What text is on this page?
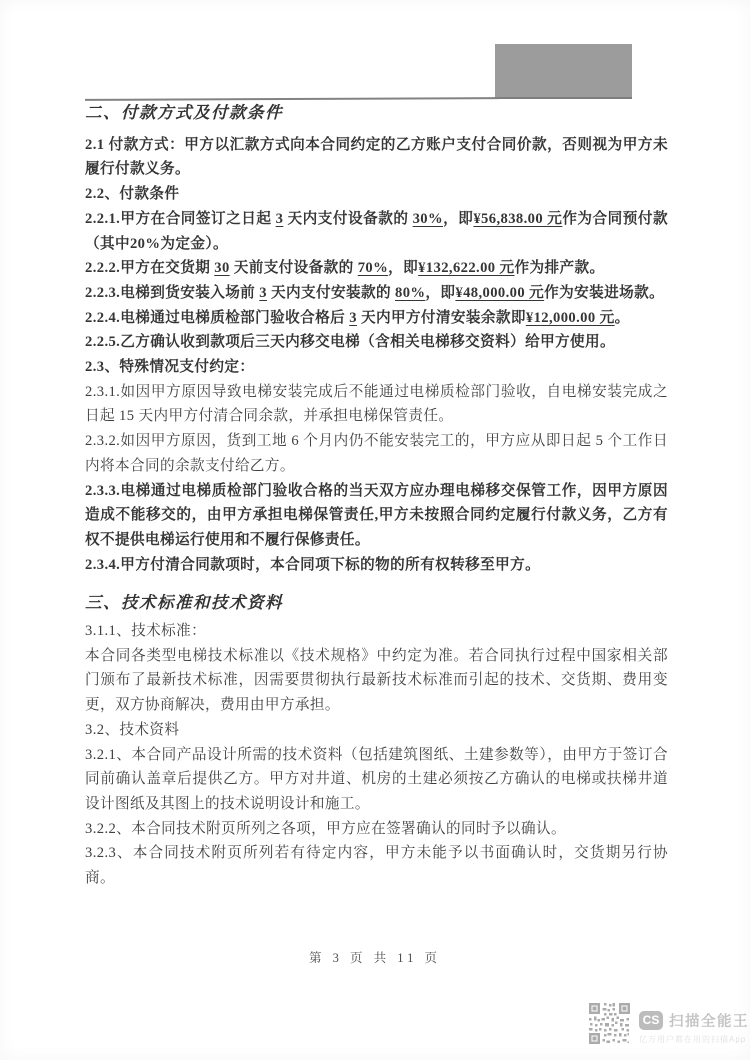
二、付款方式及付款条件
2.1 付款方式：甲方以汇款方式向本合同约定的乙方账户支付合同价款，否则视为甲方未履行付款义务。
2.2、付款条件
2.2.1.甲方在合同签订之日起 3 天内支付设备款的 30%，即¥56,838.00 元作为合同预付款（其中20%为定金）。
2.2.2.甲方在交货期 30 天前支付设备款的 70%，即¥132,622.00 元作为排产款。
2.2.3.电梯到货安装入场前 3 天内支付安装款的 80%，即¥48,000.00 元作为安装进场款。
2.2.4.电梯通过电梯质检部门验收合格后 3 天内甲方付清安装余款即¥12,000.00 元。
2.2.5.乙方确认收到款项后三天内移交电梯（含相关电梯移交资料）给甲方使用。
2.3、特殊情况支付约定：
2.3.1.如因甲方原因导致电梯安装完成后不能通过电梯质检部门验收，自电梯安装完成之日起 15 天内甲方付清合同余款，并承担电梯保管责任。
2.3.2.如因甲方原因，货到工地 6 个月内仍不能安装完工的，甲方应从即日起 5 个工作日内将本合同的余款支付给乙方。
2.3.3.电梯通过电梯质检部门验收合格的当天双方应办理电梯移交保管工作，因甲方原因造成不能移交的，由甲方承担电梯保管责任,甲方未按照合同约定履行付款义务，乙方有权不提供电梯运行使用和不履行保修责任。
2.3.4.甲方付清合同款项时，本合同项下标的物的所有权转移至甲方。
三、技术标准和技术资料
3.1.1、技术标准：
本合同各类型电梯技术标准以《技术规格》中约定为准。若合同执行过程中国家相关部门颁布了最新技术标准，因需要贯彻执行最新技术标准而引起的技术、交货期、费用变更，双方协商解决，费用由甲方承担。
3.2、技术资料
3.2.1、本合同产品设计所需的技术资料（包括建筑图纸、土建参数等），由甲方于签订合同前确认盖章后提供乙方。甲方对井道、机房的土建必须按乙方确认的电梯或扶梯井道设计图纸及其图上的技术说明设计和施工。
3.2.2、本合同技术附页所列之各项，甲方应在签署确认的同时予以确认。
3.2.3、本合同技术附页所列若有待定内容，甲方未能予以书面确认时，交货期另行协商。
第 3 页 共 11 页
CS 扫描全能王
亿万用户都在用的扫描App
